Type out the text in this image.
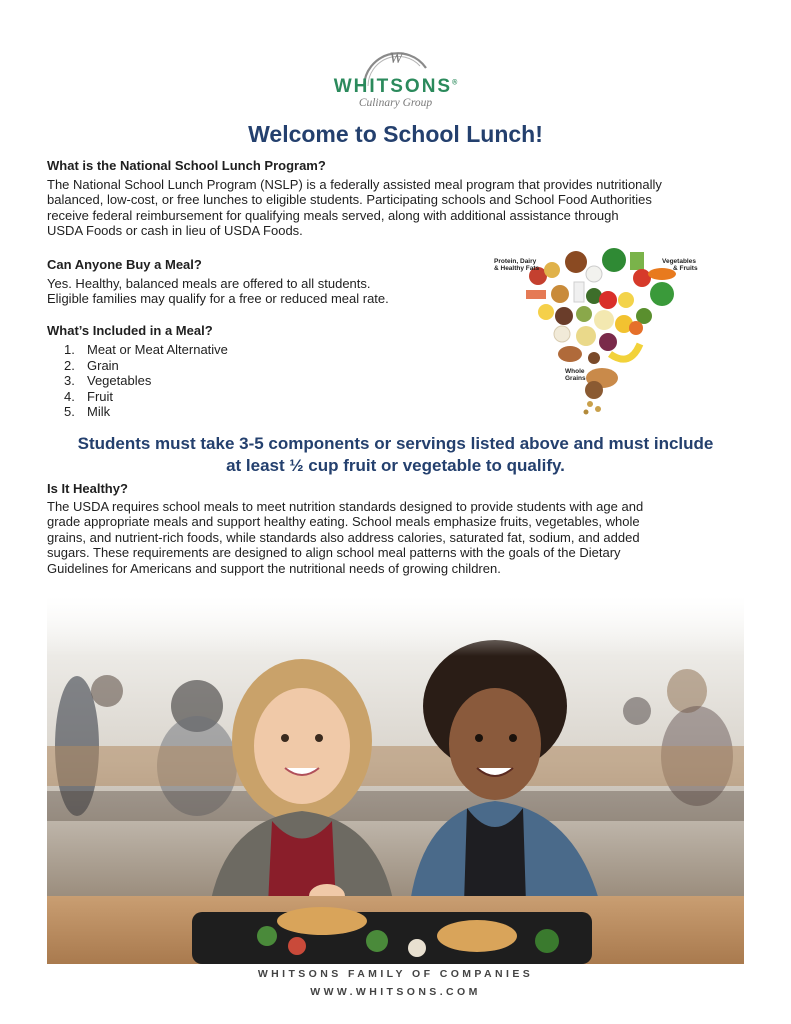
W
WHITSONS®
Culinary Group
Welcome to School Lunch!
What is the National School Lunch Program?
The National School Lunch Program (NSLP) is a federally assisted meal program that provides nutritionally
balanced, low-cost, or free lunches to eligible students. Participating schools and School Food Authorities
receive federal reimbursement for qualifying meals served, along with additional assistance through
USDA Foods or cash in lieu of USDA Foods.
Can Anyone Buy a Meal?
Yes. Healthy, balanced meals are offered to all students.
Eligible families may qualify for a free or reduced meal rate.
What’s Included in a Meal?
1. Meat or Meat Alternative
2. Grain
3. Vegetables
4. Fruit
5. Milk
Protein, Dairy
& Healthy Fats
Vegetables
& Fruits
Whole
Grains
Students must take 3-5 components or servings listed above and must include
at least ½ cup fruit or vegetable to qualify.
Is It Healthy?
The USDA requires school meals to meet nutrition standards designed to provide students with age and
grade appropriate meals and support healthy eating. School meals emphasize fruits, vegetables, whole
grains, and nutrient-rich foods, while standards also address calories, saturated fat, sodium, and added
sugars. These requirements are designed to align school meal patterns with the goals of the Dietary
Guidelines for Americans and support the nutritional needs of growing children.
WHITSONS FAMILY OF COMPANIES
WWW.WHITSONS.COM
